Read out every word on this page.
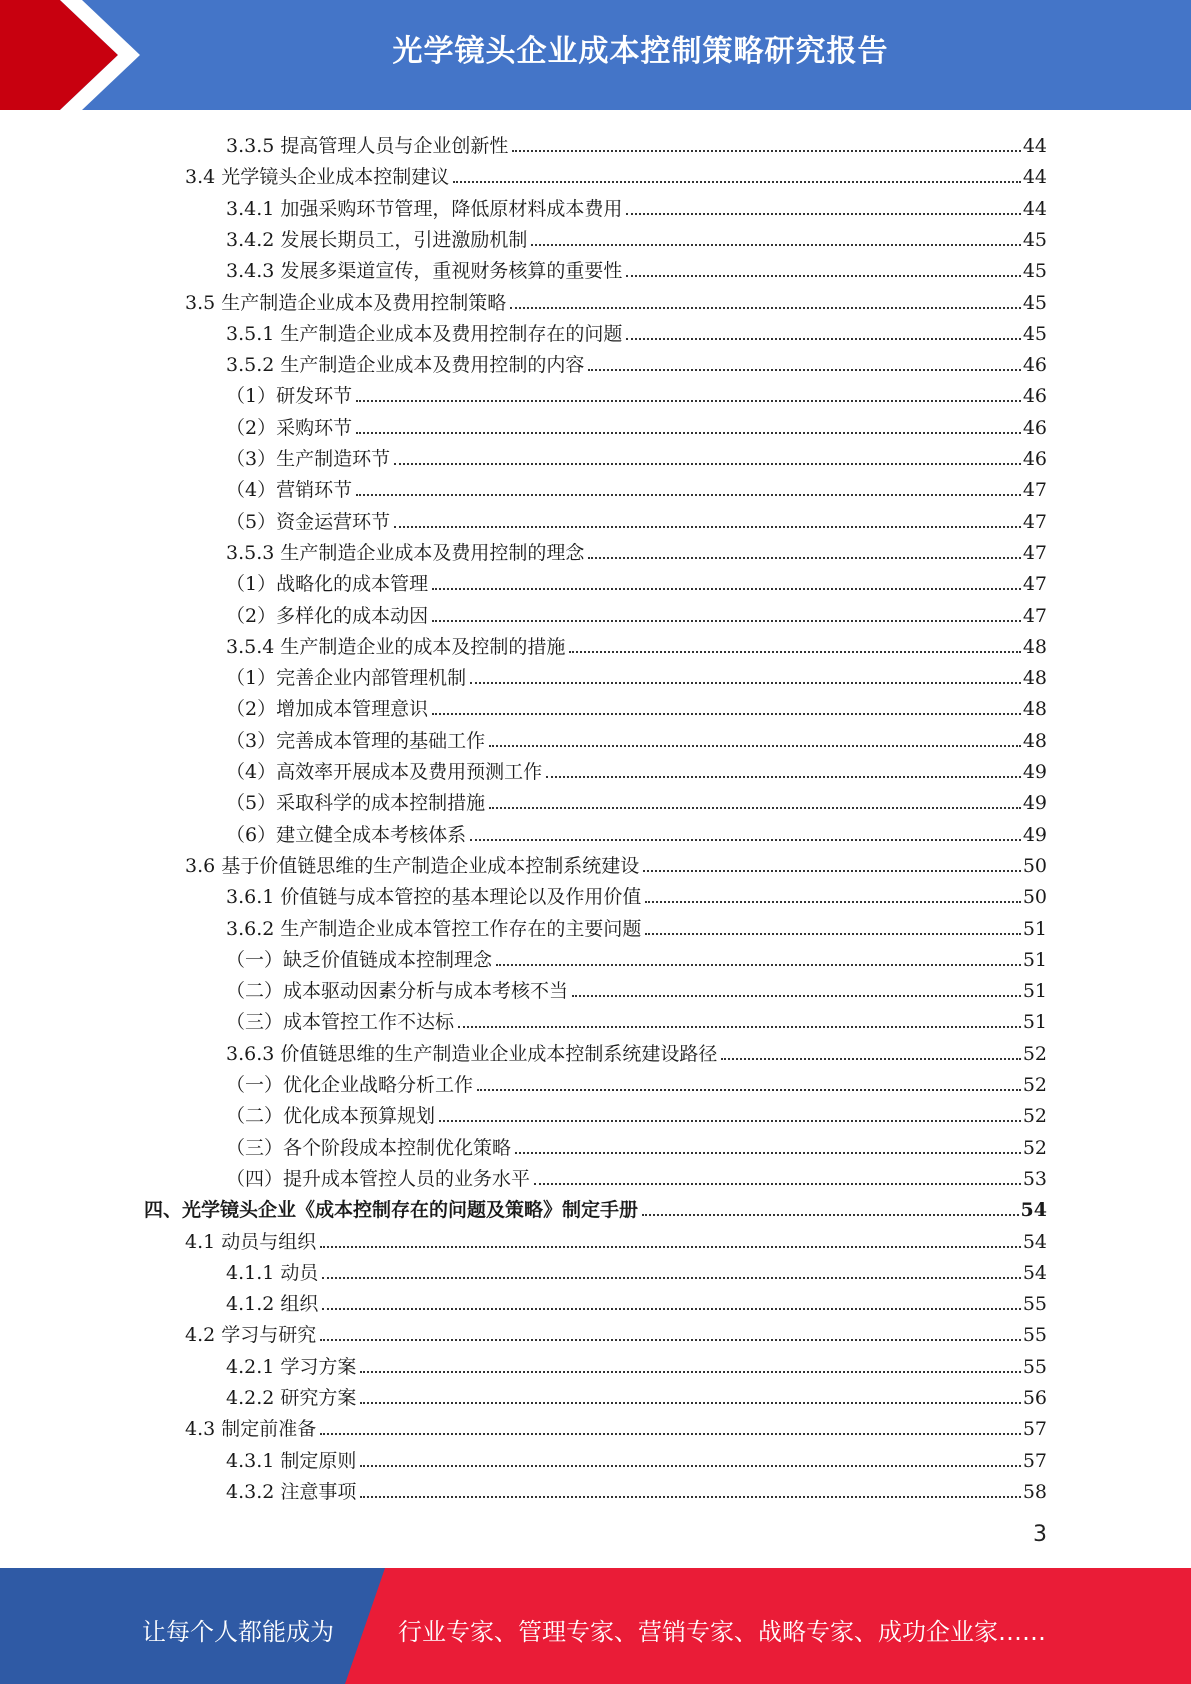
光学镜头企业成本控制策略研究报告
3.3.5 提高管理人员与企业创新性	44
3.4 光学镜头企业成本控制建议	44
3.4.1 加强采购环节管理，降低原材料成本费用	44
3.4.2 发展长期员工，引进激励机制	45
3.4.3 发展多渠道宣传，重视财务核算的重要性	45
3.5 生产制造企业成本及费用控制策略	45
3.5.1 生产制造企业成本及费用控制存在的问题	45
3.5.2 生产制造企业成本及费用控制的内容	46
（1）研发环节	46
（2）采购环节	46
（3）生产制造环节	46
（4）营销环节	47
（5）资金运营环节	47
3.5.3 生产制造企业成本及费用控制的理念	47
（1）战略化的成本管理	47
（2）多样化的成本动因	47
3.5.4 生产制造企业的成本及控制的措施	48
（1）完善企业内部管理机制	48
（2）增加成本管理意识	48
（3）完善成本管理的基础工作	48
（4）高效率开展成本及费用预测工作	49
（5）采取科学的成本控制措施	49
（6）建立健全成本考核体系	49
3.6 基于价值链思维的生产制造企业成本控制系统建设	50
3.6.1 价值链与成本管控的基本理论以及作用价值	50
3.6.2 生产制造企业成本管控工作存在的主要问题	51
（一）缺乏价值链成本控制理念	51
（二）成本驱动因素分析与成本考核不当	51
（三）成本管控工作不达标	51
3.6.3 价值链思维的生产制造业企业成本控制系统建设路径	52
（一）优化企业战略分析工作	52
（二）优化成本预算规划	52
（三）各个阶段成本控制优化策略	52
（四）提升成本管控人员的业务水平	53
四、光学镜头企业《成本控制存在的问题及策略》制定手册	54
4.1 动员与组织	54
4.1.1 动员	54
4.1.2 组织	55
4.2 学习与研究	55
4.2.1 学习方案	55
4.2.2 研究方案	56
4.3 制定前准备	57
4.3.1 制定原则	57
4.3.2 注意事项	58
3
让每个人都能成为	行业专家、管理专家、营销专家、战略专家、成功企业家……
